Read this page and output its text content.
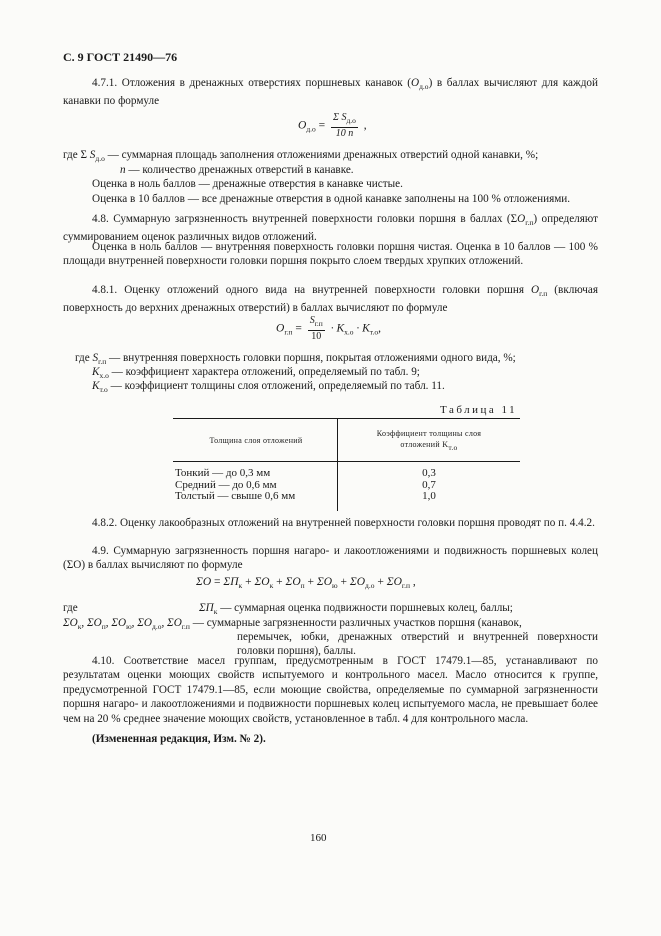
С. 9 ГОСТ 21490—76
4.7.1. Отложения в дренажных отверстиях поршневых канавок $(O_{д.о})$ в баллах вычисляют для каждой канавки по формуле
$O_{д.о} = \frac{\Sigma S_{д.о}}{10 n}$ ,
где Σ $S_{д.о}$ — суммарная площадь заполнения отложениями дренажных отверстий одной канавки, %;
n — количество дренажных отверстий в канавке.
Оценка в ноль баллов — дренажные отверстия в канавке чистые.
Оценка в 10 баллов — все дренажные отверстия в одной канавке заполнены на 100 % отложениями.
4.8. Суммарную загрязненность внутренней поверхности головки поршня в баллах $(\Sigma O_{г.п})$ определяют суммированием оценок различных видов отложений.
Оценка в ноль баллов — внутренняя поверхность головки поршня чистая. Оценка в 10 баллов — 100 % площади внутренней поверхности головки поршня покрыто слоем твердых хрупких отложений.
4.8.1. Оценку отложений одного вида на внутренней поверхности головки поршня $O_{г.п}$ (включая поверхность до верхних дренажных отверстий) в баллах вычисляют по формуле
$O_{г.п} = \frac{S_{г.п}}{10} \cdot K_{х.о} \cdot K_{т.о}$,
где $S_{г.п}$ — внутренняя поверхность головки поршня, покрытая отложениями одного вида, %;
$K_{х.о}$ — коэффициент характера отложений, определяемый по табл. 9;
$K_{т.о}$ — коэффициент толщины слоя отложений, определяемый по табл. 11.
Таблица 11
Толщина слоя отложений	Коэффициент толщины слоя
отложений Kт.о
Тонкий — до 0,3 мм	0,3
Средний — до 0,6 мм	0,7
Толстый — свыше 0,6 мм	1,0
4.8.2. Оценку лакообразных отложений на внутренней поверхности головки поршня проводят по п. 4.4.2.
4.9. Суммарную загрязненность поршня нагаро- и лакоотложениями и подвижность поршневых колец (ΣO) в баллах вычисляют по формуле
$\Sigma O = \Sigma П_к + \Sigma O_к + \Sigma O_п + \Sigma O_ю + \Sigma O_{д.о} + \Sigma O_{г.п}$ ,
где	$\Sigma П_к$ — суммарная оценка подвижности поршневых колец, баллы;
$\Sigma O_к$, $\Sigma O_п$, $\Sigma O_ю$, $\Sigma O_{д.о}$, $\Sigma O_{г.п}$ — суммарные загрязненности различных участков поршня (канавок,
перемычек, юбки, дренажных отверстий и внутренней поверхности головки поршня), баллы.
4.10. Соответствие масел группам, предусмотренным в ГОСТ 17479.1—85, устанавливают по результатам оценки моющих свойств испытуемого и контрольного масел. Масло относится к группе, предусмотренной ГОСТ 17479.1—85, если моющие свойства, определяемые по суммарной загрязненности поршня нагаро- и лакоотложениями и подвижности поршневых колец испытуемого масла, не превышает более чем на 20 % среднее значение моющих свойств, установленное в табл. 4 для контрольного масла.
(Измененная редакция, Изм. № 2).
160
